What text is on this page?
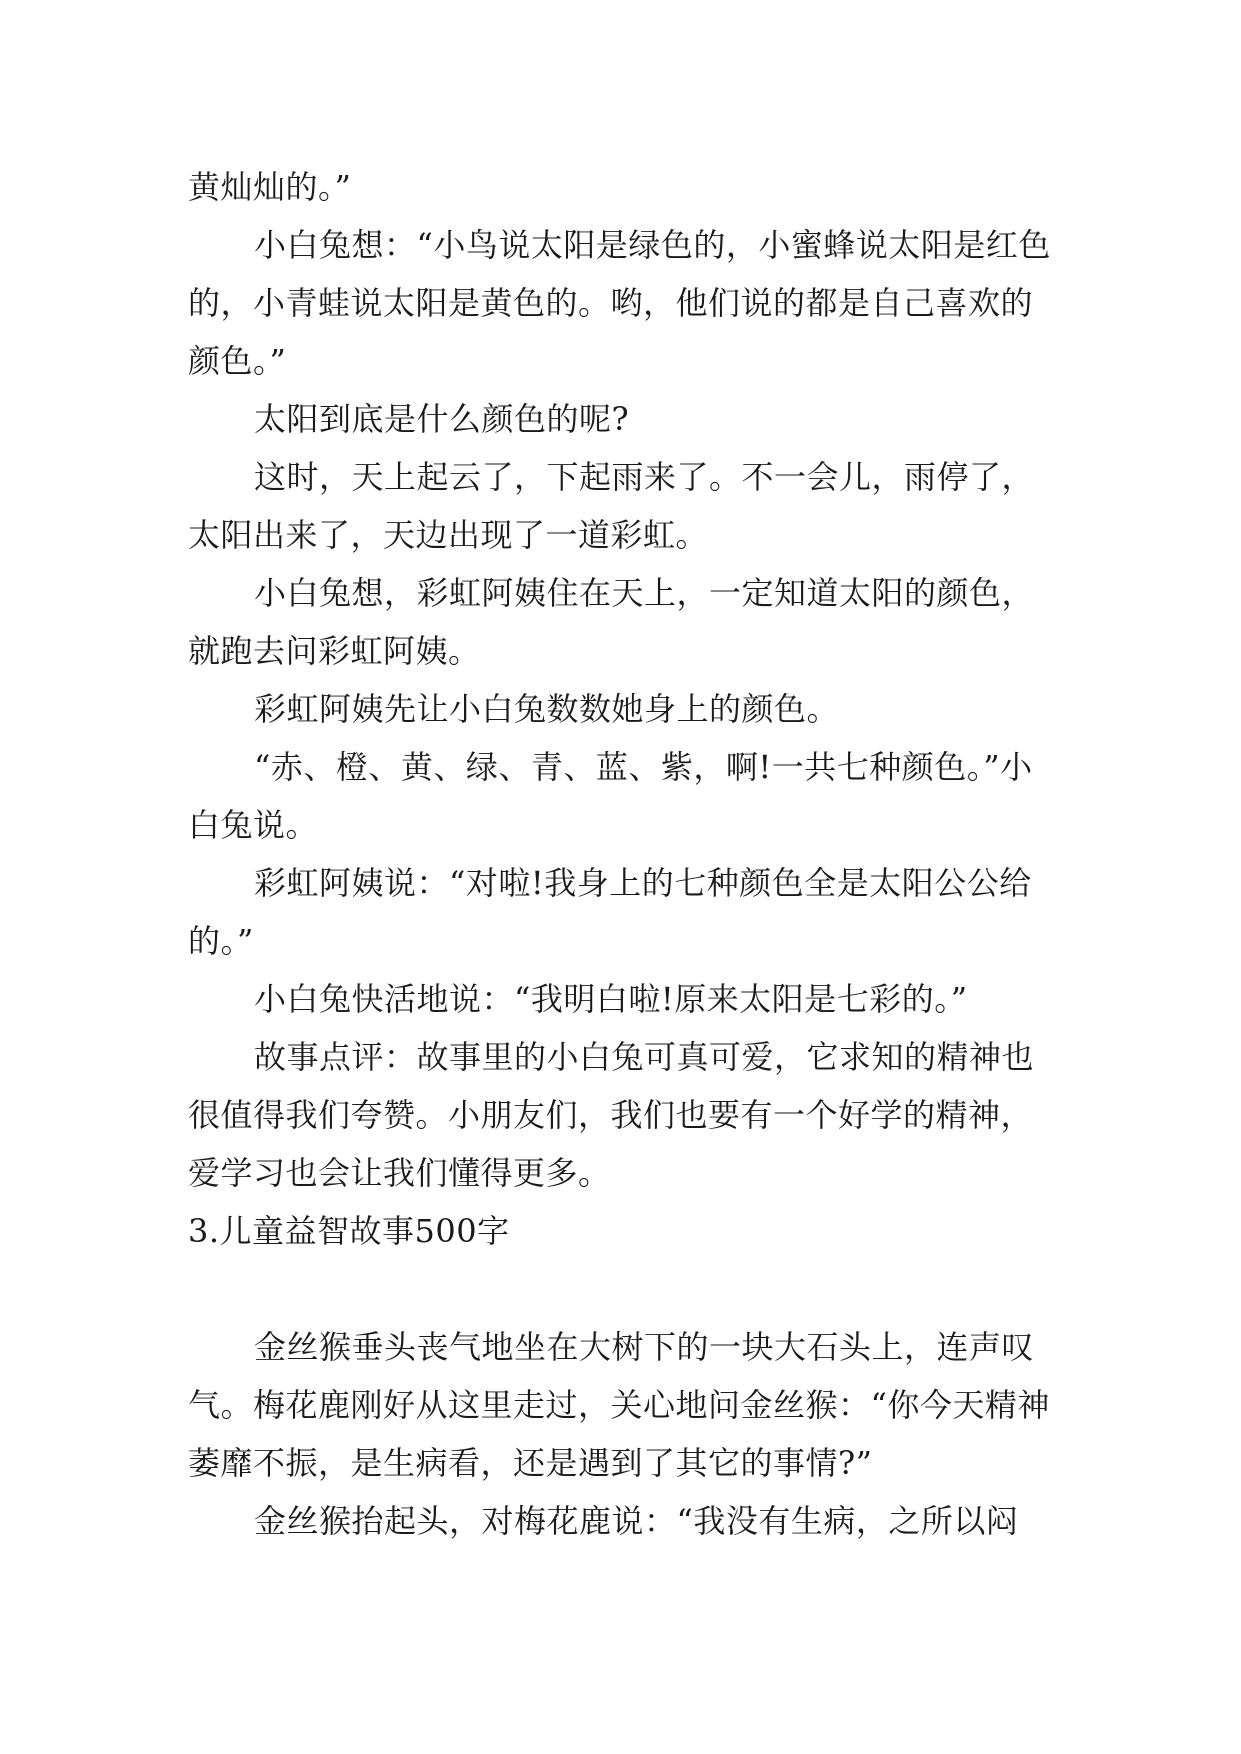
黄灿灿的。”

小白兔想：“小鸟说太阳是绿色的，小蜜蜂说太阳是红色的，小青蛙说太阳是黄色的。哟，他们说的都是自己喜欢的颜色。”

太阳到底是什么颜色的呢?

这时，天上起云了，下起雨来了。不一会儿，雨停了，太阳出来了，天边出现了一道彩虹。

小白兔想，彩虹阿姨住在天上，一定知道太阳的颜色，就跑去问彩虹阿姨。

彩虹阿姨先让小白兔数数她身上的颜色。

“赤、橙、黄、绿、青、蓝、紫，啊!一共七种颜色。”小白兔说。

彩虹阿姨说：“对啦!我身上的七种颜色全是太阳公公给的。”

小白兔快活地说：“我明白啦!原来太阳是七彩的。”

故事点评：故事里的小白兔可真可爱，它求知的精神也很值得我们夸赞。小朋友们，我们也要有一个好学的精神，爱学习也会让我们懂得更多。

3.儿童益智故事500字

金丝猴垂头丧气地坐在大树下的一块大石头上，连声叹气。梅花鹿刚好从这里走过，关心地问金丝猴：“你今天精神萎靡不振，是生病看，还是遇到了其它的事情?”

金丝猴抬起头，对梅花鹿说：“我没有生病，之所以闷
